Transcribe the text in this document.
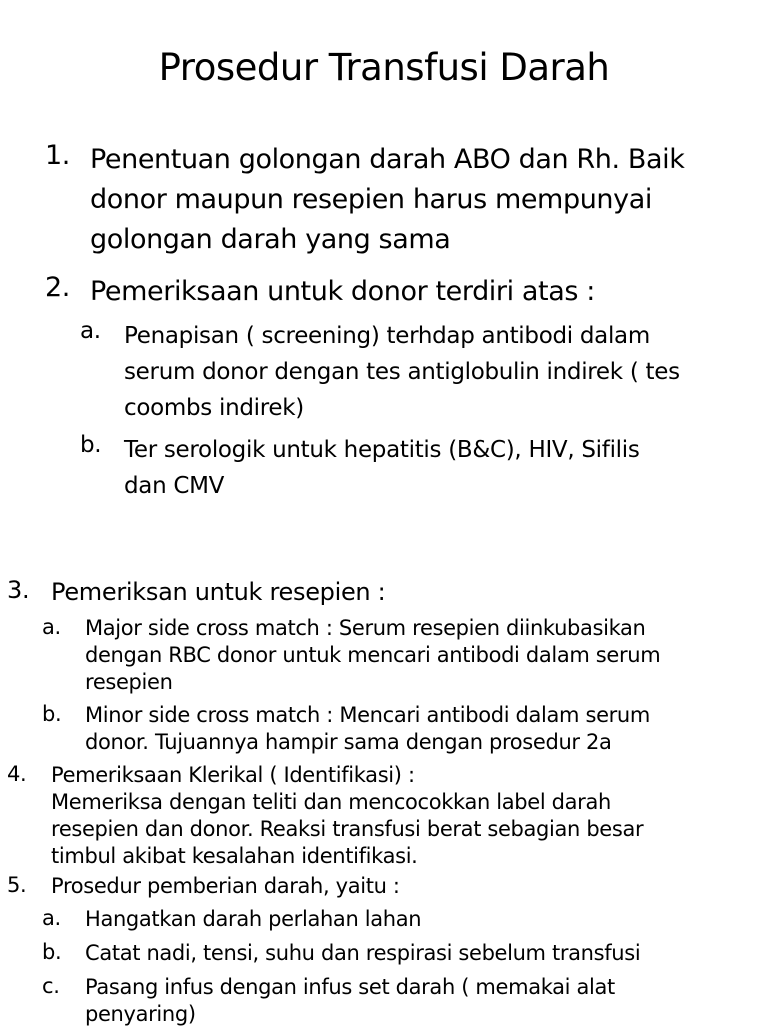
Prosedur Transfusi Darah
1. Penentuan golongan darah ABO dan Rh. Baik
donor maupun resepien harus mempunyai
golongan darah yang sama
2. Pemeriksaan untuk donor terdiri atas :
a. Penapisan ( screening) terhdap antibodi dalam
serum donor dengan tes antiglobulin indirek ( tes
coombs indirek)
b. Ter serologik untuk hepatitis (B&C), HIV, Sifilis
dan CMV
3. Pemeriksan untuk resepien :
a. Major side cross match : Serum resepien diinkubasikan
dengan RBC donor untuk mencari antibodi dalam serum
resepien
b. Minor side cross match : Mencari antibodi dalam serum
donor. Tujuannya hampir sama dengan prosedur 2a
4. Pemeriksaan Klerikal ( Identifikasi) :
Memeriksa dengan teliti dan mencocokkan label darah
resepien dan donor. Reaksi transfusi berat sebagian besar
timbul akibat kesalahan identifikasi.
5. Prosedur pemberian darah, yaitu :
a. Hangatkan darah perlahan lahan
b. Catat nadi, tensi, suhu dan respirasi sebelum transfusi
c. Pasang infus dengan infus set darah ( memakai alat
penyaring)
